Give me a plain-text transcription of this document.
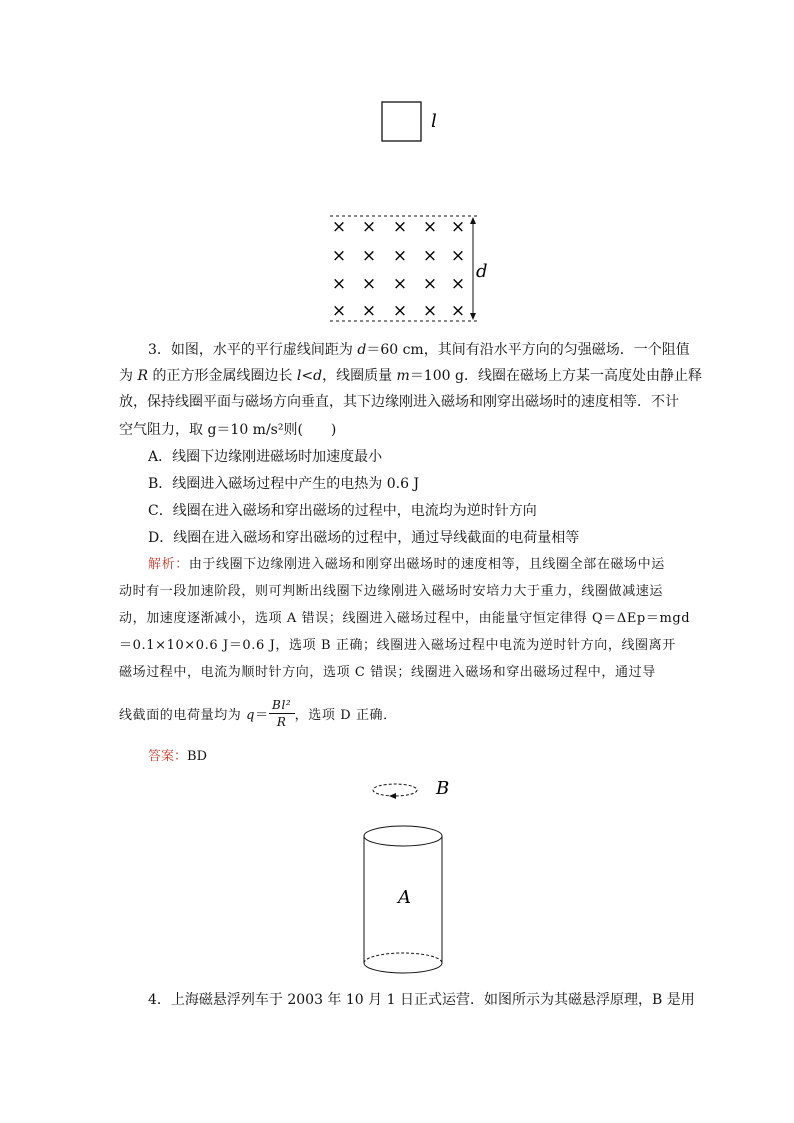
l
× × × × ×
× × × × ×
× × × × ×
× × × × ×
d
3．如图，水平的平行虚线间距为 d＝60 cm，其间有沿水平方向的匀强磁场．一个阻值
为 R 的正方形金属线圈边长 l<d，线圈质量 m＝100 g．线圈在磁场上方某一高度处由静止释
放，保持线圈平面与磁场方向垂直，其下边缘刚进入磁场和刚穿出磁场时的速度相等．不计
空气阻力，取 g＝10 m/s²则(　　)
A．线圈下边缘刚进磁场时加速度最小
B．线圈进入磁场过程中产生的电热为 0.6 J
C．线圈在进入磁场和穿出磁场的过程中，电流均为逆时针方向
D．线圈在进入磁场和穿出磁场的过程中，通过导线截面的电荷量相等
解析：由于线圈下边缘刚进入磁场和刚穿出磁场时的速度相等，且线圈全部在磁场中运
动时有一段加速阶段，则可判断出线圈下边缘刚进入磁场时安培力大于重力，线圈做减速运
动，加速度逐渐减小，选项 A 错误；线圈进入磁场过程中，由能量守恒定律得 Q＝ΔEp＝mgd
＝0.1×10×0.6 J＝0.6 J，选项 B 正确；线圈进入磁场过程中电流为逆时针方向，线圈离开
磁场过程中，电流为顺时针方向，选项 C 错误；线圈进入磁场和穿出磁场过程中，通过导
线截面的电荷量均为 $q= \frac{\text{Bl²}}{R}$ ，选项 D 正确．
答案：BD
B
A
4．上海磁悬浮列车于 2003 年 10 月 1 日正式运营．如图所示为其磁悬浮原理，B 是用
